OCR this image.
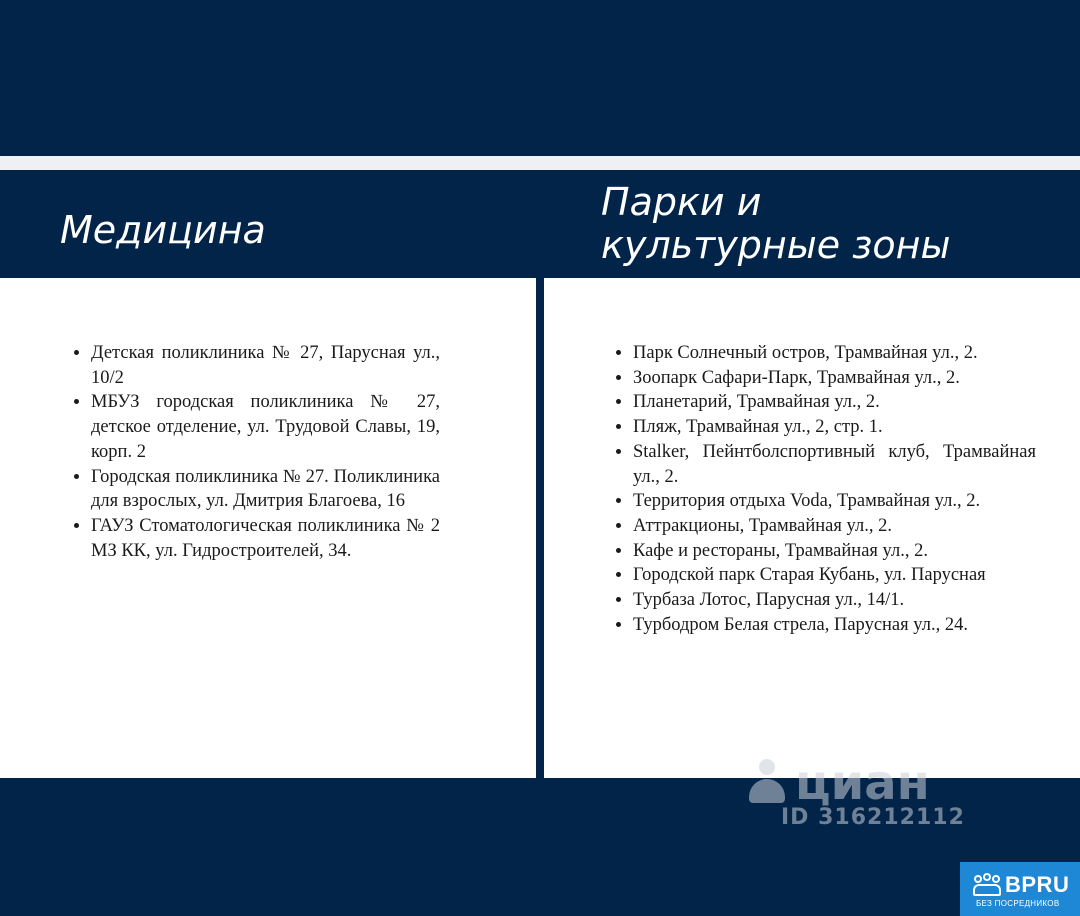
Медицина
Парки и
культурные зоны
• Детская поликлиника № 27, Парусная ул., 10/2
• МБУЗ городская поликлиника № 27, детское отделение, ул. Трудовой Славы, 19, корп. 2
• Городская поликлиника № 27. Поликлиника для взрослых, ул. Дмитрия Благоева, 16
• ГАУЗ Стоматологическая поликлиника № 2 МЗ КК, ул. Гидростроителей, 34.
• Парк Солнечный остров, Трамвайная ул., 2.
• Зоопарк Сафари-Парк, Трамвайная ул., 2.
• Планетарий, Трамвайная ул., 2.
• Пляж, Трамвайная ул., 2, стр. 1.
• Stalker, Пейнтболспортивный клуб, Трамвайная ул., 2.
• Территория отдыха Voda, Трамвайная ул., 2.
• Аттракционы, Трамвайная ул., 2.
• Кафе и рестораны, Трамвайная ул., 2.
• Городской парк Старая Кубань, ул. Парусная
• Турбаза Лотос, Парусная ул., 14/1.
• Турбодром Белая стрела, Парусная ул., 24.
циан
ID 316212112
BPRU
БЕЗ ПОСРЕДНИКОВ
